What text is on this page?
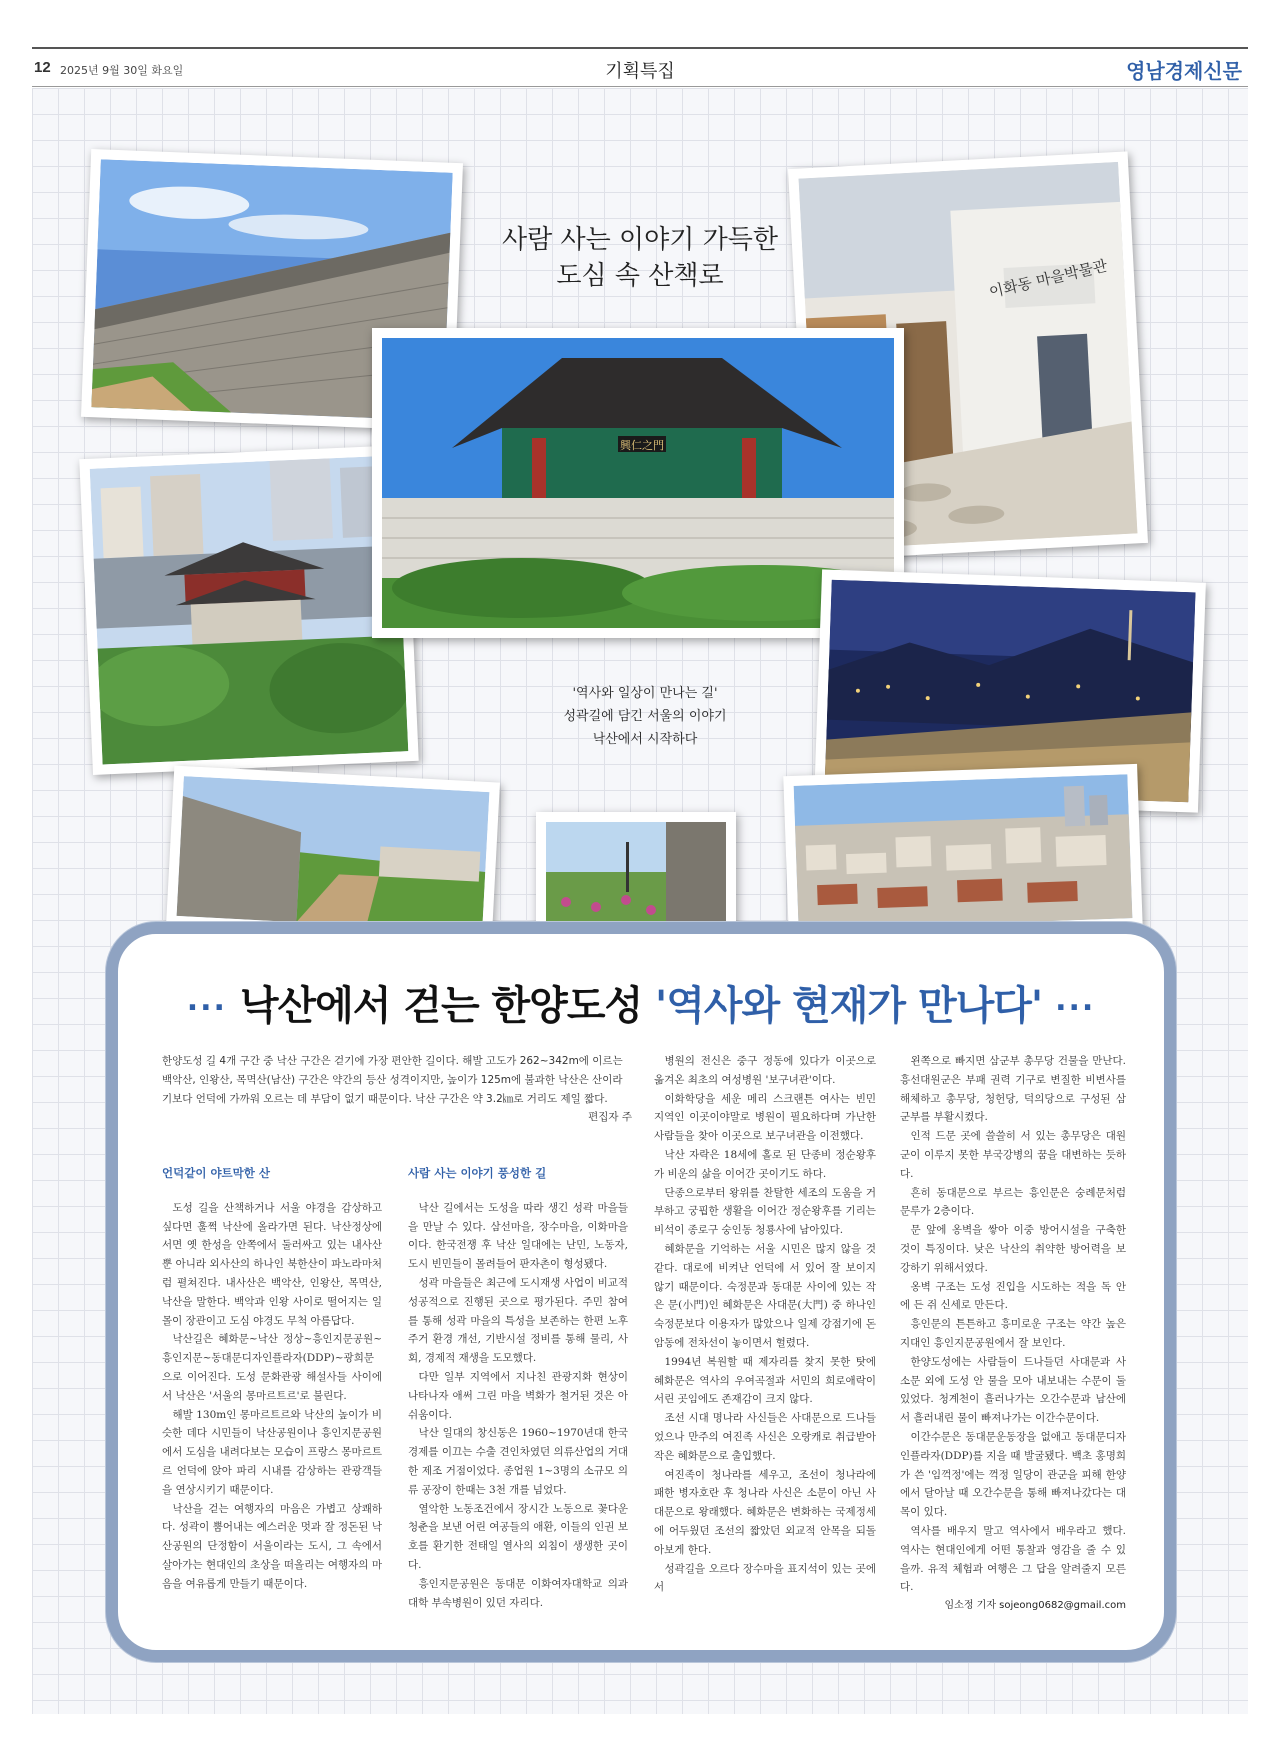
12 2025년 9월 30일 화요일	기획특집	영남경제신문
이화동 마을박물관
興仁之門
사람 사는 이야기 가득한
도심 속 산책로
'역사와 일상이 만나는 길'
성곽길에 담긴 서울의 이야기
낙산에서 시작하다
··· 낙산에서 걷는 한양도성 '역사와 현재가 만나다' ···
한양도성 길 4개 구간 중 낙산 구간은 걷기에 가장 편안한 길이다. 해발 고도가 262~342m에 이르는 백악산, 인왕산, 목멱산(남산) 구간은 약간의 등산 성격이지만, 높이가 125m에 불과한 낙산은 산이라기보다 언덕에 가까워 오르는 데 부담이 없기 때문이다. 낙산 구간은 약 3.2㎞로 거리도 제일 짧다.
편집자 주

언덕같이 야트막한 산

도성 길을 산책하거나 서울 야경을 감상하고 싶다면 훌쩍 낙산에 올라가면 된다. 낙산정상에 서면 옛 한성을 안쪽에서 둘러싸고 있는 내사산뿐 아니라 외사산의 하나인 북한산이 파노라마처럼 펼쳐진다. 내사산은 백악산, 인왕산, 목멱산, 낙산을 말한다. 백악과 인왕 사이로 떨어지는 일몰이 장관이고 도심 야경도 무척 아름답다.

낙산길은 혜화문~낙산 정상~흥인지문공원~흥인지문~동대문디자인플라자(DDP)~광희문으로 이어진다. 도성 문화관광 해설사들 사이에서 낙산은 '서울의 몽마르트르'로 불린다.

해발 130m인 몽마르트르와 낙산의 높이가 비슷한 데다 시민들이 낙산공원이나 흥인지문공원에서 도심을 내려다보는 모습이 프랑스 몽마르트르 언덕에 앉아 파리 시내를 감상하는 관광객들을 연상시키기 때문이다.

낙산을 걷는 여행자의 마음은 가볍고 상쾌하다. 성곽이 뿜어내는 예스러운 멋과 잘 정돈된 낙산공원의 단정함이 서울이라는 도시, 그 속에서 살아가는 현대인의 초상을 떠올리는 여행자의 마음을 여유롭게 만들기 때문이다.

사람 사는 이야기 풍성한 길

낙산 길에서는 도성을 따라 생긴 성곽 마을들을 만날 수 있다. 삼선마을, 장수마을, 이화마을이다. 한국전쟁 후 낙산 일대에는 난민, 노동자, 도시 빈민들이 몰려들어 판자촌이 형성됐다.

성곽 마을들은 최근에 도시재생 사업이 비교적 성공적으로 진행된 곳으로 평가된다. 주민 참여를 통해 성곽 마을의 특성을 보존하는 한편 노후 주거 환경 개선, 기반시설 정비를 통해 물리, 사회, 경제적 재생을 도모했다.

다만 일부 지역에서 지나친 관광지화 현상이 나타나자 애써 그린 마을 벽화가 철거된 것은 아쉬움이다.

낙산 일대의 창신동은 1960~1970년대 한국경제를 이끄는 수출 견인차였던 의류산업의 거대한 제조 거점이었다. 종업원 1~3명의 소규모 의류 공장이 한때는 3천 개를 넘었다.

열악한 노동조건에서 장시간 노동으로 꽃다운 청춘을 보낸 어린 여공들의 애환, 이들의 인권 보호를 환기한 전태일 열사의 외침이 생생한 곳이다.

흥인지문공원은 동대문 이화여자대학교 의과대학 부속병원이 있던 자리다.

병원의 전신은 중구 정동에 있다가 이곳으로 옮겨온 최초의 여성병원 '보구녀관'이다.

이화학당을 세운 메리 스크랜튼 여사는 빈민 지역인 이곳이야말로 병원이 필요하다며 가난한 사람들을 찾아 이곳으로 보구녀관을 이전했다.

낙산 자락은 18세에 홀로 된 단종비 정순왕후가 비운의 삶을 이어간 곳이기도 하다.

단종으로부터 왕위를 찬탈한 세조의 도움을 거부하고 궁핍한 생활을 이어간 정순왕후를 기리는 비석이 종로구 숭인동 청룡사에 남아있다.

혜화문을 기억하는 서울 시민은 많지 않을 것 같다. 대로에 비켜난 언덕에 서 있어 잘 보이지 않기 때문이다. 숙정문과 동대문 사이에 있는 작은 문(小門)인 혜화문은 사대문(大門) 중 하나인 숙정문보다 이용자가 많았으나 일제 강점기에 돈암동에 전차선이 놓이면서 헐렸다.

1994년 복원할 때 제자리를 찾지 못한 탓에 혜화문은 역사의 우여곡절과 서민의 희로애락이 서린 곳임에도 존재감이 크지 않다.

조선 시대 명나라 사신들은 사대문으로 드나들었으나 만주의 여진족 사신은 오랑캐로 취급받아 작은 혜화문으로 출입했다.

여진족이 청나라를 세우고, 조선이 청나라에 패한 병자호란 후 청나라 사신은 소문이 아닌 사대문으로 왕래했다. 혜화문은 변화하는 국제정세에 어두웠던 조선의 짧았던 외교적 안목을 되돌아보게 한다.

성곽길을 오르다 장수마을 표지석이 있는 곳에서

왼쪽으로 빠지면 삼군부 총무당 건물을 만난다. 흥선대원군은 부패 권력 기구로 변질한 비변사를 해체하고 총무당, 청헌당, 덕의당으로 구성된 삼군부를 부활시켰다.

인적 드문 곳에 쓸쓸히 서 있는 총무당은 대원군이 이루지 못한 부국강병의 꿈을 대변하는 듯하다.

흔히 동대문으로 부르는 흥인문은 숭례문처럼 문루가 2층이다.

문 앞에 옹벽을 쌓아 이중 방어시설을 구축한 것이 특징이다. 낮은 낙산의 취약한 방어력을 보강하기 위해서였다.

옹벽 구조는 도성 진입을 시도하는 적을 독 안에 든 쥐 신세로 만든다.

흥인문의 튼튼하고 흥미로운 구조는 약간 높은 지대인 흥인지문공원에서 잘 보인다.

한양도성에는 사람들이 드나들던 사대문과 사소문 외에 도성 안 물을 모아 내보내는 수문이 둘 있었다. 청계천이 흘러나가는 오간수문과 남산에서 흘러내린 물이 빠져나가는 이간수문이다.

이간수문은 동대문운동장을 없애고 동대문디자인플라자(DDP)를 지을 때 발굴됐다. 백초 홍명희가 쓴 '임꺽정'에는 꺽정 일당이 관군을 피해 한양에서 달아날 때 오간수문을 통해 빠져나갔다는 대목이 있다.

역사를 배우지 말고 역사에서 배우라고 했다. 역사는 현대인에게 어떤 통찰과 영감을 줄 수 있을까. 유적 체험과 여행은 그 답을 알려줄지 모른다.

임소정 기자 sojeong0682@gmail.com
